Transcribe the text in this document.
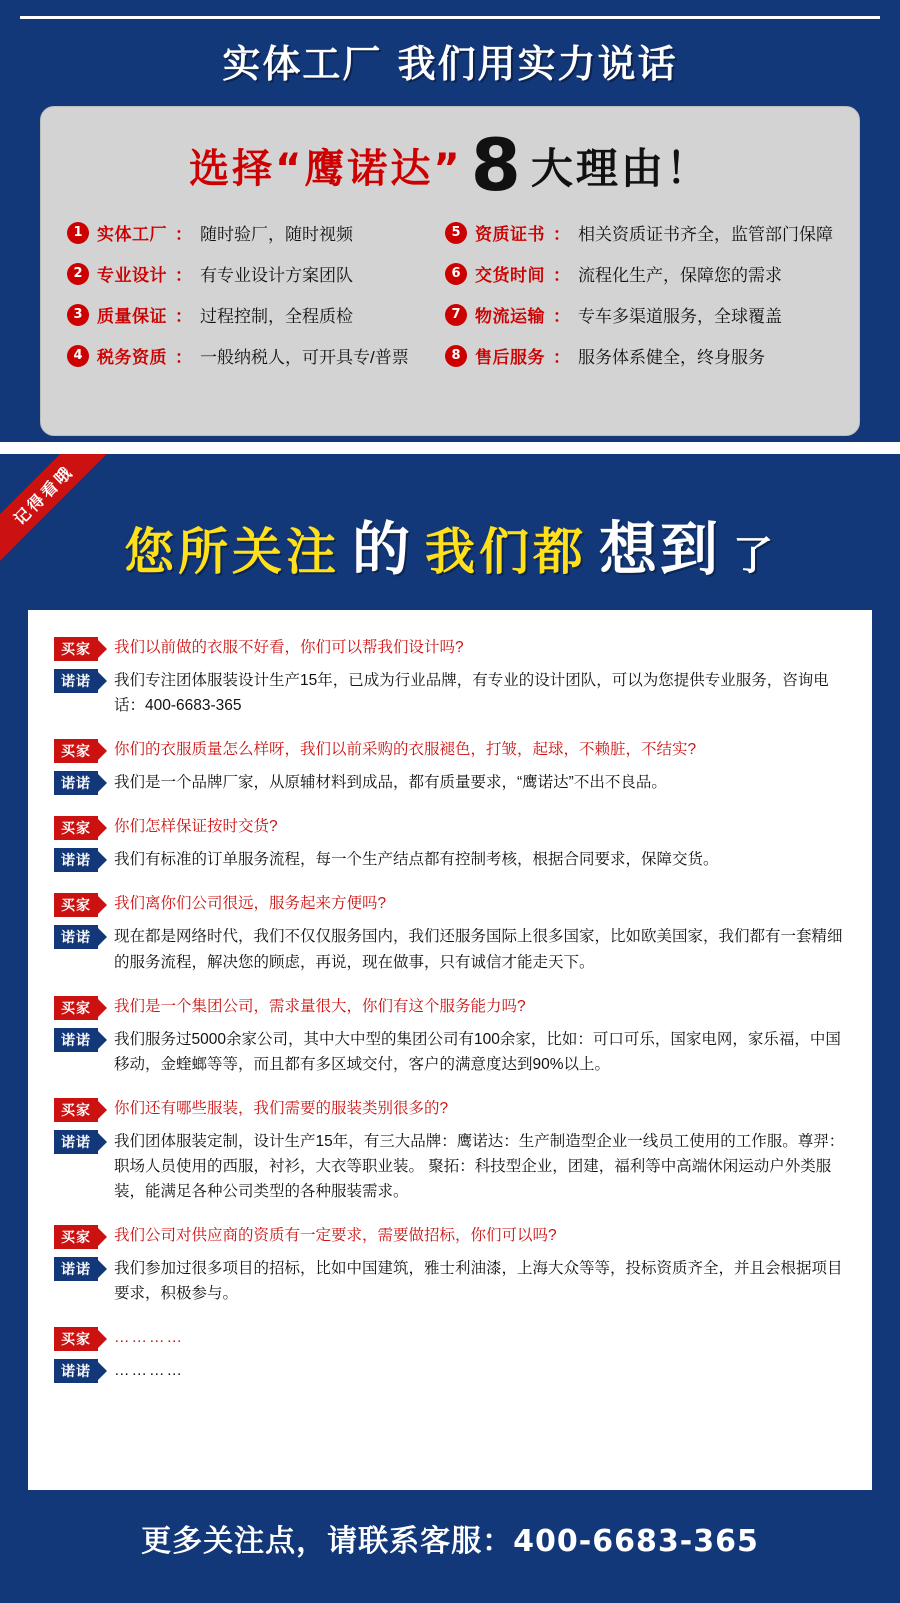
实体工厂 我们用实力说话
选择“鹰诺达” 8 大理由！
1 实体工厂 ： 随时验厂，随时视频	5 资质证书 ： 相关资质证书齐全，监管部门保障
2 专业设计 ： 有专业设计方案团队	6 交货时间 ： 流程化生产，保障您的需求
3 质量保证 ： 过程控制，全程质检	7 物流运输 ： 专车多渠道服务，全球覆盖
4 税务资质 ： 一般纳税人，可开具专/普票	8 售后服务 ： 服务体系健全，终身服务
记得看哦
您所关注 的 我们都 想到 了
买家	我们以前做的衣服不好看，你们可以帮我们设计吗?
诺诺	我们专注团体服装设计生产15年，已成为行业品牌，有专业的设计团队，可以为您提供专业服务，咨询电话：400-6683-365
买家	你们的衣服质量怎么样呀，我们以前采购的衣服褪色，打皱，起球，不赖脏，不结实?
诺诺	我们是一个品牌厂家，从原辅材料到成品，都有质量要求，“鹰诺达”不出不良品。
买家	你们怎样保证按时交货?
诺诺	我们有标准的订单服务流程，每一个生产结点都有控制考核，根据合同要求，保障交货。
买家	我们离你们公司很远，服务起来方便吗?
诺诺	现在都是网络时代，我们不仅仅服务国内，我们还服务国际上很多国家，比如欧美国家，我们都有一套精细的服务流程，解决您的顾虑，再说，现在做事，只有诚信才能走天下。
买家	我们是一个集团公司，需求量很大，你们有这个服务能力吗?
诺诺	我们服务过5000余家公司，其中大中型的集团公司有100余家，比如：可口可乐，国家电网，家乐福，中国移动，金蝰螂等等，而且都有多区域交付，客户的满意度达到90%以上。
买家	你们还有哪些服装，我们需要的服装类别很多的?
诺诺	我们团体服装定制，设计生产15年，有三大品牌：鹰诺达：生产制造型企业一线员工使用的工作服。尊羿：职场人员使用的西服，衬衫，大衣等职业装。 聚拓：科技型企业，团建，福利等中高端休闲运动户外类服装，能满足各种公司类型的各种服装需求。
买家	我们公司对供应商的资质有一定要求，需要做招标，你们可以吗?
诺诺	我们参加过很多项目的招标，比如中国建筑，雅士利油漆，上海大众等等，投标资质齐全，并且会根据项目要求，积极参与。
买家	…………
诺诺	…………
更多关注点，请联系客服：400-6683-365
